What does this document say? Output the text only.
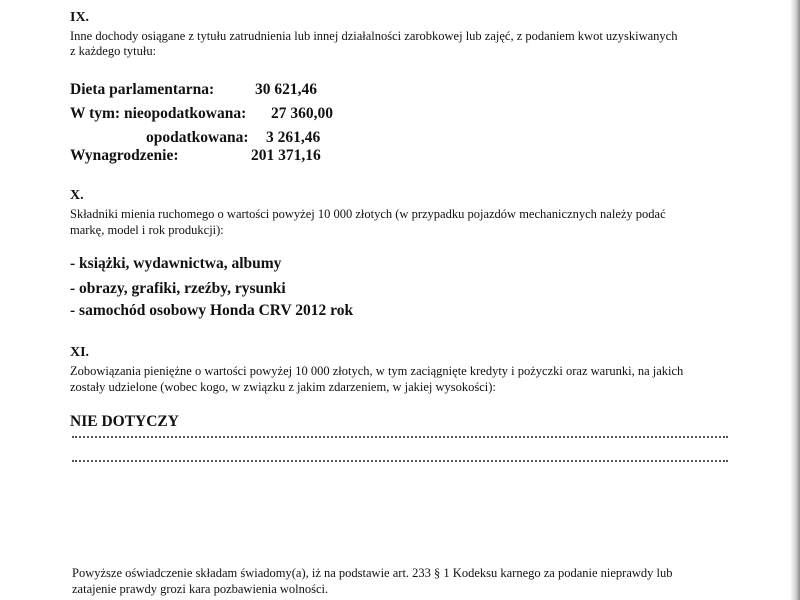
IX.
Inne dochody osiągane z tytułu zatrudnienia lub innej działalności zarobkowej lub zajęć, z podaniem kwot uzyskiwanych
z każdego tytułu:
Dieta parlamentarna:	30 621,46
W tym: nieopodatkowana: 27 360,00
opodatkowana: 3 261,46
Wynagrodzenie:	201 371,16
X.
Składniki mienia ruchomego o wartości powyżej 10 000 złotych (w przypadku pojazdów mechanicznych należy podać
markę, model i rok produkcji):
- książki, wydawnictwa, albumy
- obrazy, grafiki, rzeźby, rysunki
- samochód osobowy Honda CRV 2012 rok
XI.
Zobowiązania pieniężne o wartości powyżej 10 000 złotych, w tym zaciągnięte kredyty i pożyczki oraz warunki, na jakich
zostały udzielone (wobec kogo, w związku z jakim zdarzeniem, w jakiej wysokości):
NIE DOTYCZY
Powyższe oświadczenie składam świadomy(a), iż na podstawie art. 233 § 1 Kodeksu karnego za podanie nieprawdy lub
zatajenie prawdy grozi kara pozbawienia wolności.
